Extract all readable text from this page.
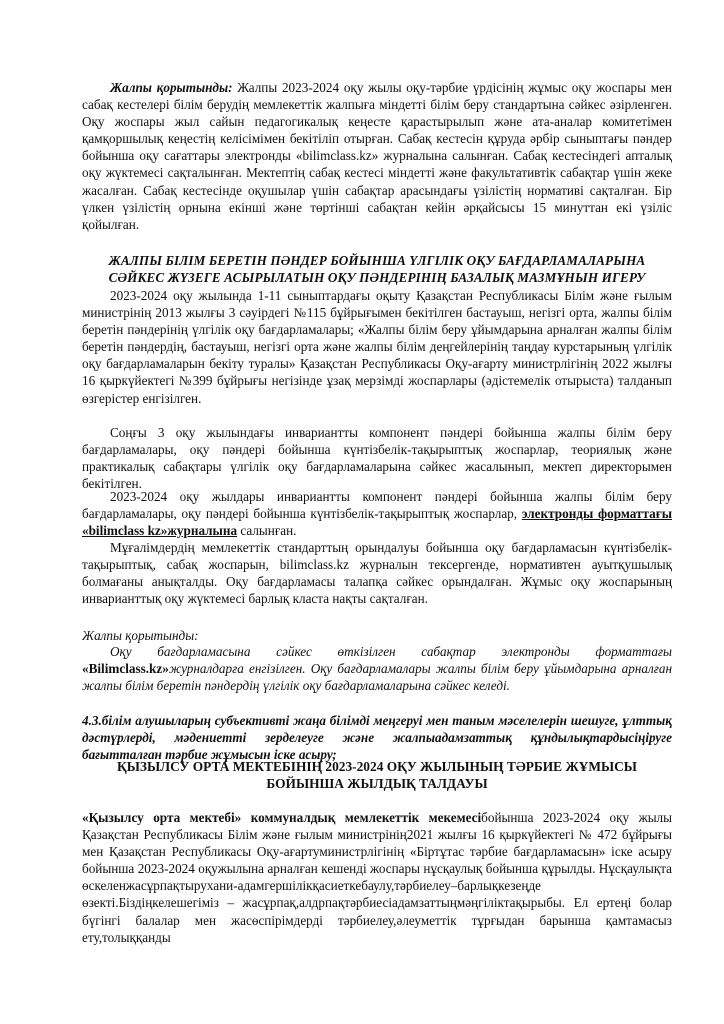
Жалпы қорытынды: Жалпы 2023-2024 оқу жылы оқу-тәрбие үрдісінің жұмыс оқу жоспары мен сабақ кестелері білім берудің мемлекеттік жалпыға міндетті білім беру стандартына сәйкес әзірленген. Оқу жоспары жыл сайын педагогикалық кеңесте қарастырылып және ата-аналар комитетімен қамқоршылық кеңестің келісімімен бекітіліп отырған. Сабақ кестесін құруда әрбір сыныптағы пәндер бойынша оқу сағаттары электронды «bilimclass.kz» журналына салынған. Сабақ кестесіндегі апталық оқу жүктемесі сақталынған. Мектептің сабақ кестесі міндетті және факультативтік сабақтар үшін жеке жасалған. Сабақ кестесінде оқушылар үшін сабақтар арасындағы үзілістің нормативі сақталған. Бір үлкен үзілістің орнына екінші және төртінші сабақтан кейін әрқайсысы 15 минуттан екі үзіліс қойылған.

ЖАЛПЫ БІЛІМ БЕРЕТІН ПӘНДЕР БОЙЫНША ҮЛГІЛІК ОҚУ БАҒДАРЛАМАЛАРЫНА
СӘЙКЕС ЖҮЗЕГЕ АСЫРЫЛАТЫН ОҚУ ПӘНДЕРІНІҢ БАЗАЛЫҚ МАЗМҰНЫН ИГЕРУ

2023-2024 оқу жылында 1-11 сыныптардағы оқыту Қазақстан Республикасы Білім және ғылым министрінің 2013 жылғы 3 сәуірдегі №115 бұйрығымен бекітілген бастауыш, негізгі орта, жалпы білім беретін пәндерінің үлгілік оқу бағдарламалары; «Жалпы білім беру ұйымдарына арналған жалпы білім беретін пәндердің, бастауыш, негізгі орта және жалпы білім деңгейлерінің таңдау курстарының үлгілік оқу бағдарламаларын бекіту туралы» Қазақстан Республикасы Оқу-ағарту министрлігінің 2022 жылғы 16 қыркүйектегі №399 бұйрығы негізінде ұзақ мерзімді жоспарлары (әдістемелік отырыста) талданып өзгерістер енгізілген.

Соңғы 3 оқу жылындағы инвариантты компонент пәндері бойынша жалпы білім беру бағдарламалары, оқу пәндері бойынша күнтізбелік-тақырыптық жоспарлар, теориялық және практикалық сабақтары үлгілік оқу бағдарламаларына сәйкес жасалынып, мектеп директорымен бекітілген.

2023-2024 оқу жылдары инвариантты компонент пәндері бойынша жалпы білім беру бағдарламалары, оқу пәндері бойынша күнтізбелік-тақырыптық жоспарлар, электронды форматтағы «bilimclass kz»журналына салынған.

Мұғалімдердің мемлекеттік стандарттың орындалуы бойынша оқу бағдарламасын күнтізбелік-тақырыптық, сабақ жоспарын, bilimclass.kz журналын тексергенде, нормативтен ауытқушылық болмағаны анықталды. Оқу бағдарламасы талапқа сәйкес орындалған. Жұмыс оқу жоспарының инварианттық оқу жүктемесі барлық класта нақты сақталған.

Жалпы қорытынды:

Оқу бағдарламасына сәйкес өткізілген сабақтар электронды форматтағы «Bilimclass.kz»журналдарға енгізілген. Оқу бағдарламалары жалпы білім беру ұйымдарына арналған жалпы білім беретін пәндердің үлгілік оқу бағдарламаларына сәйкес келеді.

4.3.білім алушыларың субъективті жаңа білімді меңгеруі мен таным мәселелерін шешуге, ұлттық дәстүрлерді, мәдениетті зерделеуге және жалпыадамзаттық құндылықтардысіңіруге бағытталған тәрбие жұмысын іске асыру;

ҚЫЗЫЛСУ ОРТА МЕКТЕБІНІҢ 2023-2024 ОҚУ ЖЫЛЫНЫҢ ТӘРБИЕ ЖҰМЫСЫ
БОЙЫНША ЖЫЛДЫҚ ТАЛДАУЫ

«Қызылсу орта мектебі» коммуналдық мемлекеттік мекемесібойынша 2023-2024 оқу жылы Қазақстан Республикасы Білім және ғылым министрінің2021 жылғы 16 қыркүйектегі № 472 бұйрығы мен Қазақстан Республикасы Оқу-ағартуминистрлігінің «Біртұтас тәрбие бағдарламасын» іске асыру бойынша 2023-2024 оқужылына арналған кешенді жоспары нұсқаулық бойынша құрылды. Нұсқаулықта өскеленжасұрпақтырухани-адамгершілікқасиеткебаулу,тәрбиелеу–барлықкезеңде өзекті.Біздіңкелешегіміз – жасұрпақ,алдрпақтәрбиесіадамзаттыңмәңгіліктақырыбы. Ел ертеңі болар бүгінгі балалар мен жасөспірімдерді тәрбиелеу,әлеуметтік тұрғыдан барынша қамтамасыз ету,толыққанды
